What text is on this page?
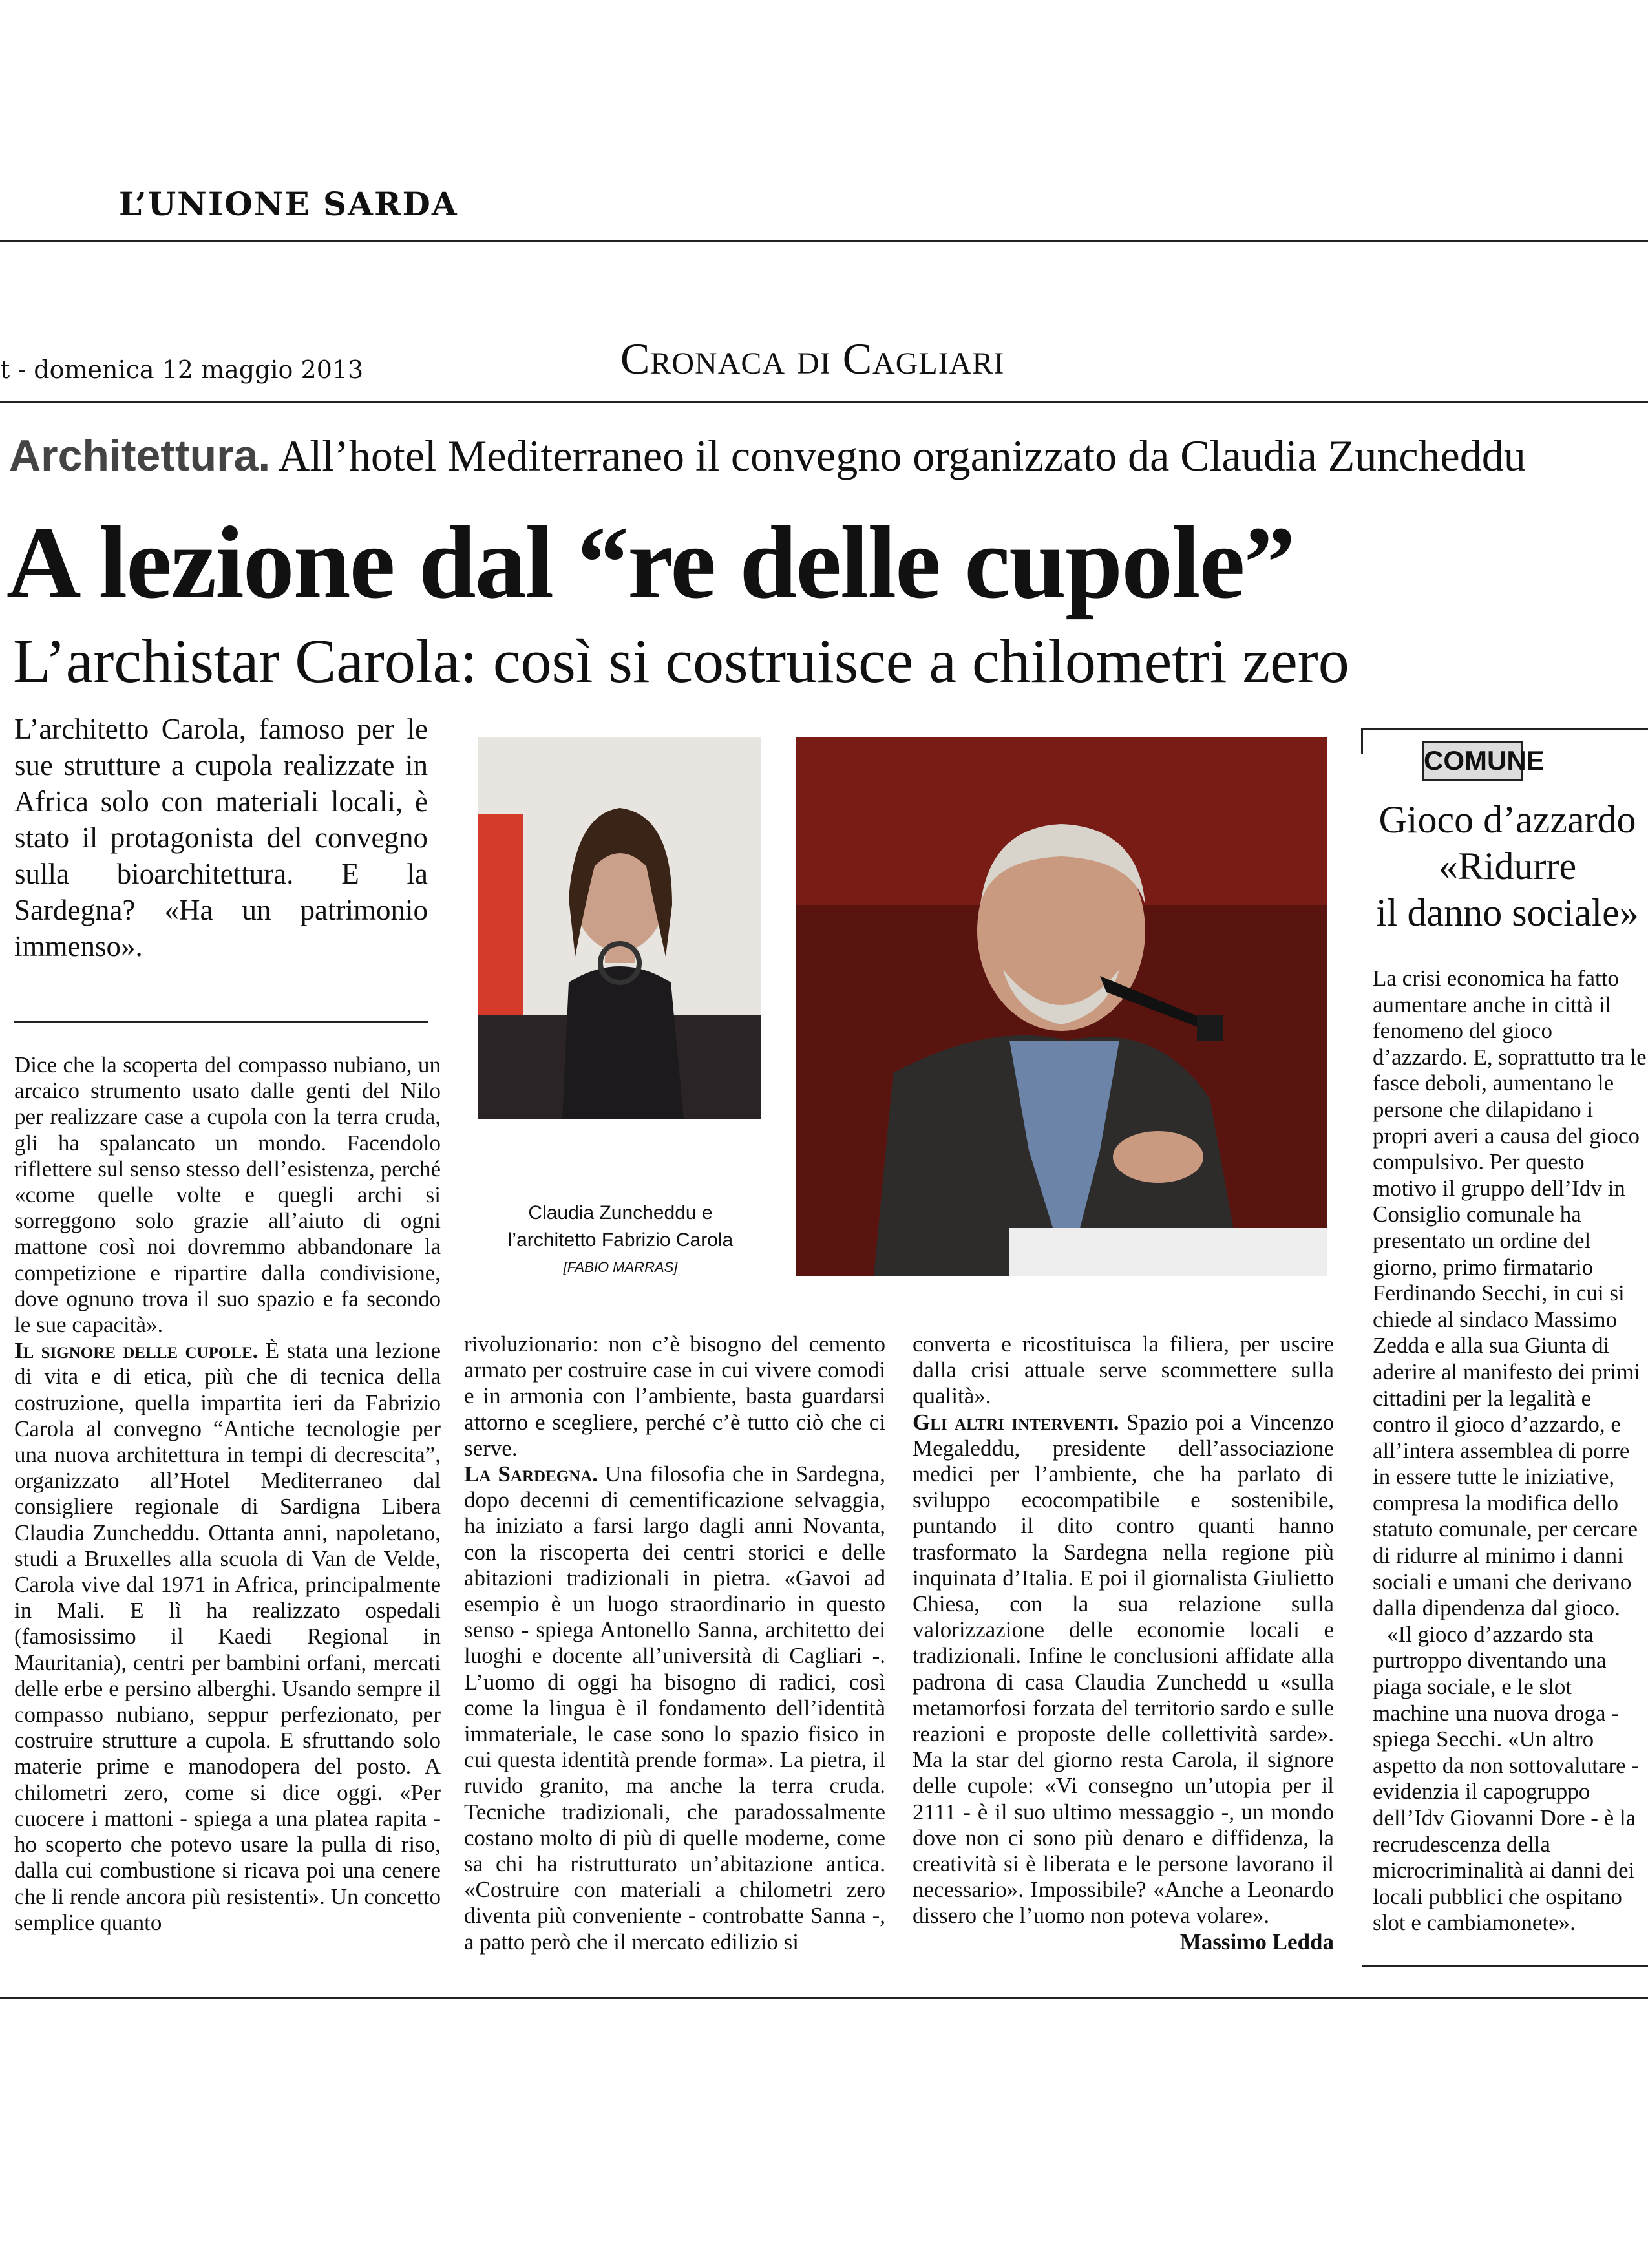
L’UNIONE SARDA
t - domenica 12 maggio 2013	Cronaca di Cagliari
Architettura. All’hotel Mediterraneo il convegno organizzato da Claudia Zuncheddu
A lezione dal “re delle cupole”
L’archistar Carola: così si costruisce a chilometri zero
L’architetto Carola, famoso per le sue strutture a cupola realizzate in Africa solo con materiali locali, è stato il protagonista del convegno sulla bioarchitettura. E la Sardegna? «Ha un patrimonio immenso».

Dice che la scoperta del compasso nubiano, un arcaico strumento usato dalle genti del Nilo per realizzare case a cupola con la terra cruda, gli ha spalancato un mondo. Facendolo riflettere sul senso stesso dell’esistenza, perché «come quelle volte e quegli archi si sorreggono solo grazie all’aiuto di ogni mattone così noi dovremmo abbandonare la competizione e ripartire dalla condivisione, dove ognuno trova il suo spazio e fa secondo le sue capacità».

Il signore delle cupole. È stata una lezione di vita e di etica, più che di tecnica della costruzione, quella impartita ieri da Fabrizio Carola al convegno “Antiche tecnologie per una nuova architettura in tempi di decrescita”, organizzato all’Hotel Mediterraneo dal consigliere regionale di Sardigna Libera Claudia Zuncheddu. Ottanta anni, napoletano, studi a Bruxelles alla scuola di Van de Velde, Carola vive dal 1971 in Africa, principalmente in Mali. E lì ha realizzato ospedali (famosissimo il Kaedi Regional in Mauritania), centri per bambini orfani, mercati delle erbe e persino alberghi. Usando sempre il compasso nubiano, seppur perfezionato, per costruire strutture a cupola. E sfruttando solo materie prime e manodopera del posto. A chilometri zero, come si dice oggi. «Per cuocere i mattoni - spiega a una platea rapita - ho scoperto che potevo usare la pulla di riso, dalla cui combustione si ricava poi una cenere che li rende ancora più resistenti». Un concetto semplice quanto

Claudia Zuncheddu e
l’architetto Fabrizio Carola
[FABIO MARRAS]

rivoluzionario: non c’è bisogno del cemento armato per costruire case in cui vivere comodi e in armonia con l’ambiente, basta guardarsi attorno e scegliere, perché c’è tutto ciò che ci serve.

La Sardegna. Una filosofia che in Sardegna, dopo decenni di cementificazione selvaggia, ha iniziato a farsi largo dagli anni Novanta, con la riscoperta dei centri storici e delle abitazioni tradizionali in pietra. «Gavoi ad esempio è un luogo straordinario in questo senso - spiega Antonello Sanna, architetto dei luoghi e docente all’università di Cagliari -. L’uomo di oggi ha bisogno di radici, così come la lingua è il fondamento dell’identità immateriale, le case sono lo spazio fisico in cui questa identità prende forma». La pietra, il ruvido granito, ma anche la terra cruda. Tecniche tradizionali, che paradossalmente costano molto di più di quelle moderne, come sa chi ha ristrutturato un’abitazione antica. «Costruire con materiali a chilometri zero diventa più conveniente - controbatte Sanna -, a patto però che il mercato edilizio si

converta e ricostituisca la filiera, per uscire dalla crisi attuale serve scommettere sulla qualità».

Gli altri interventi. Spazio poi a Vincenzo Megaleddu, presidente dell’associazione medici per l’ambiente, che ha parlato di sviluppo ecocompatibile e sostenibile, puntando il dito contro quanti hanno trasformato la Sardegna nella regione più inquinata d’Italia. E poi il giornalista Giulietto Chiesa, con la sua relazione sulla valorizzazione delle economie locali e tradizionali. Infine le conclusioni affidate alla padrona di casa Claudia Zunchedd u «sulla metamorfosi forzata del territorio sardo e sulle reazioni e proposte delle collettività sarde». Ma la star del giorno resta Carola, il signore delle cupole: «Vi consegno un’utopia per il 2111 - è il suo ultimo messaggio -, un mondo dove non ci sono più denaro e diffidenza, la creatività si è liberata e le persone lavorano il necessario». Impossibile? «Anche a Leonardo dissero che l’uomo non poteva volare».

Massimo Ledda

COMUNE
Gioco d’azzardo
«Ridurre
il danno sociale»

La crisi economica ha fatto aumentare anche in città il fenomeno del gioco d’azzardo. E, soprattutto tra le fasce deboli, aumentano le persone che dilapidano i propri averi a causa del gioco compulsivo. Per questo motivo il gruppo dell’Idv in Consiglio comunale ha presentato un ordine del giorno, primo firmatario Ferdinando Secchi, in cui si chiede al sindaco Massimo Zedda e alla sua Giunta di aderire al manifesto dei primi cittadini per la legalità e contro il gioco d’azzardo, e all’intera assemblea di porre in essere tutte le iniziative, compresa la modifica dello statuto comunale, per cercare di ridurre al minimo i danni sociali e umani che derivano dalla dipendenza dal gioco.

«Il gioco d’azzardo sta purtroppo diventando una piaga sociale, e le slot machine una nuova droga - spiega Secchi. «Un altro aspetto da non sottovalutare - evidenzia il capogruppo dell’Idv Giovanni Dore - è la recrudescenza della microcriminalità ai danni dei locali pubblici che ospitano slot e cambiamonete».
